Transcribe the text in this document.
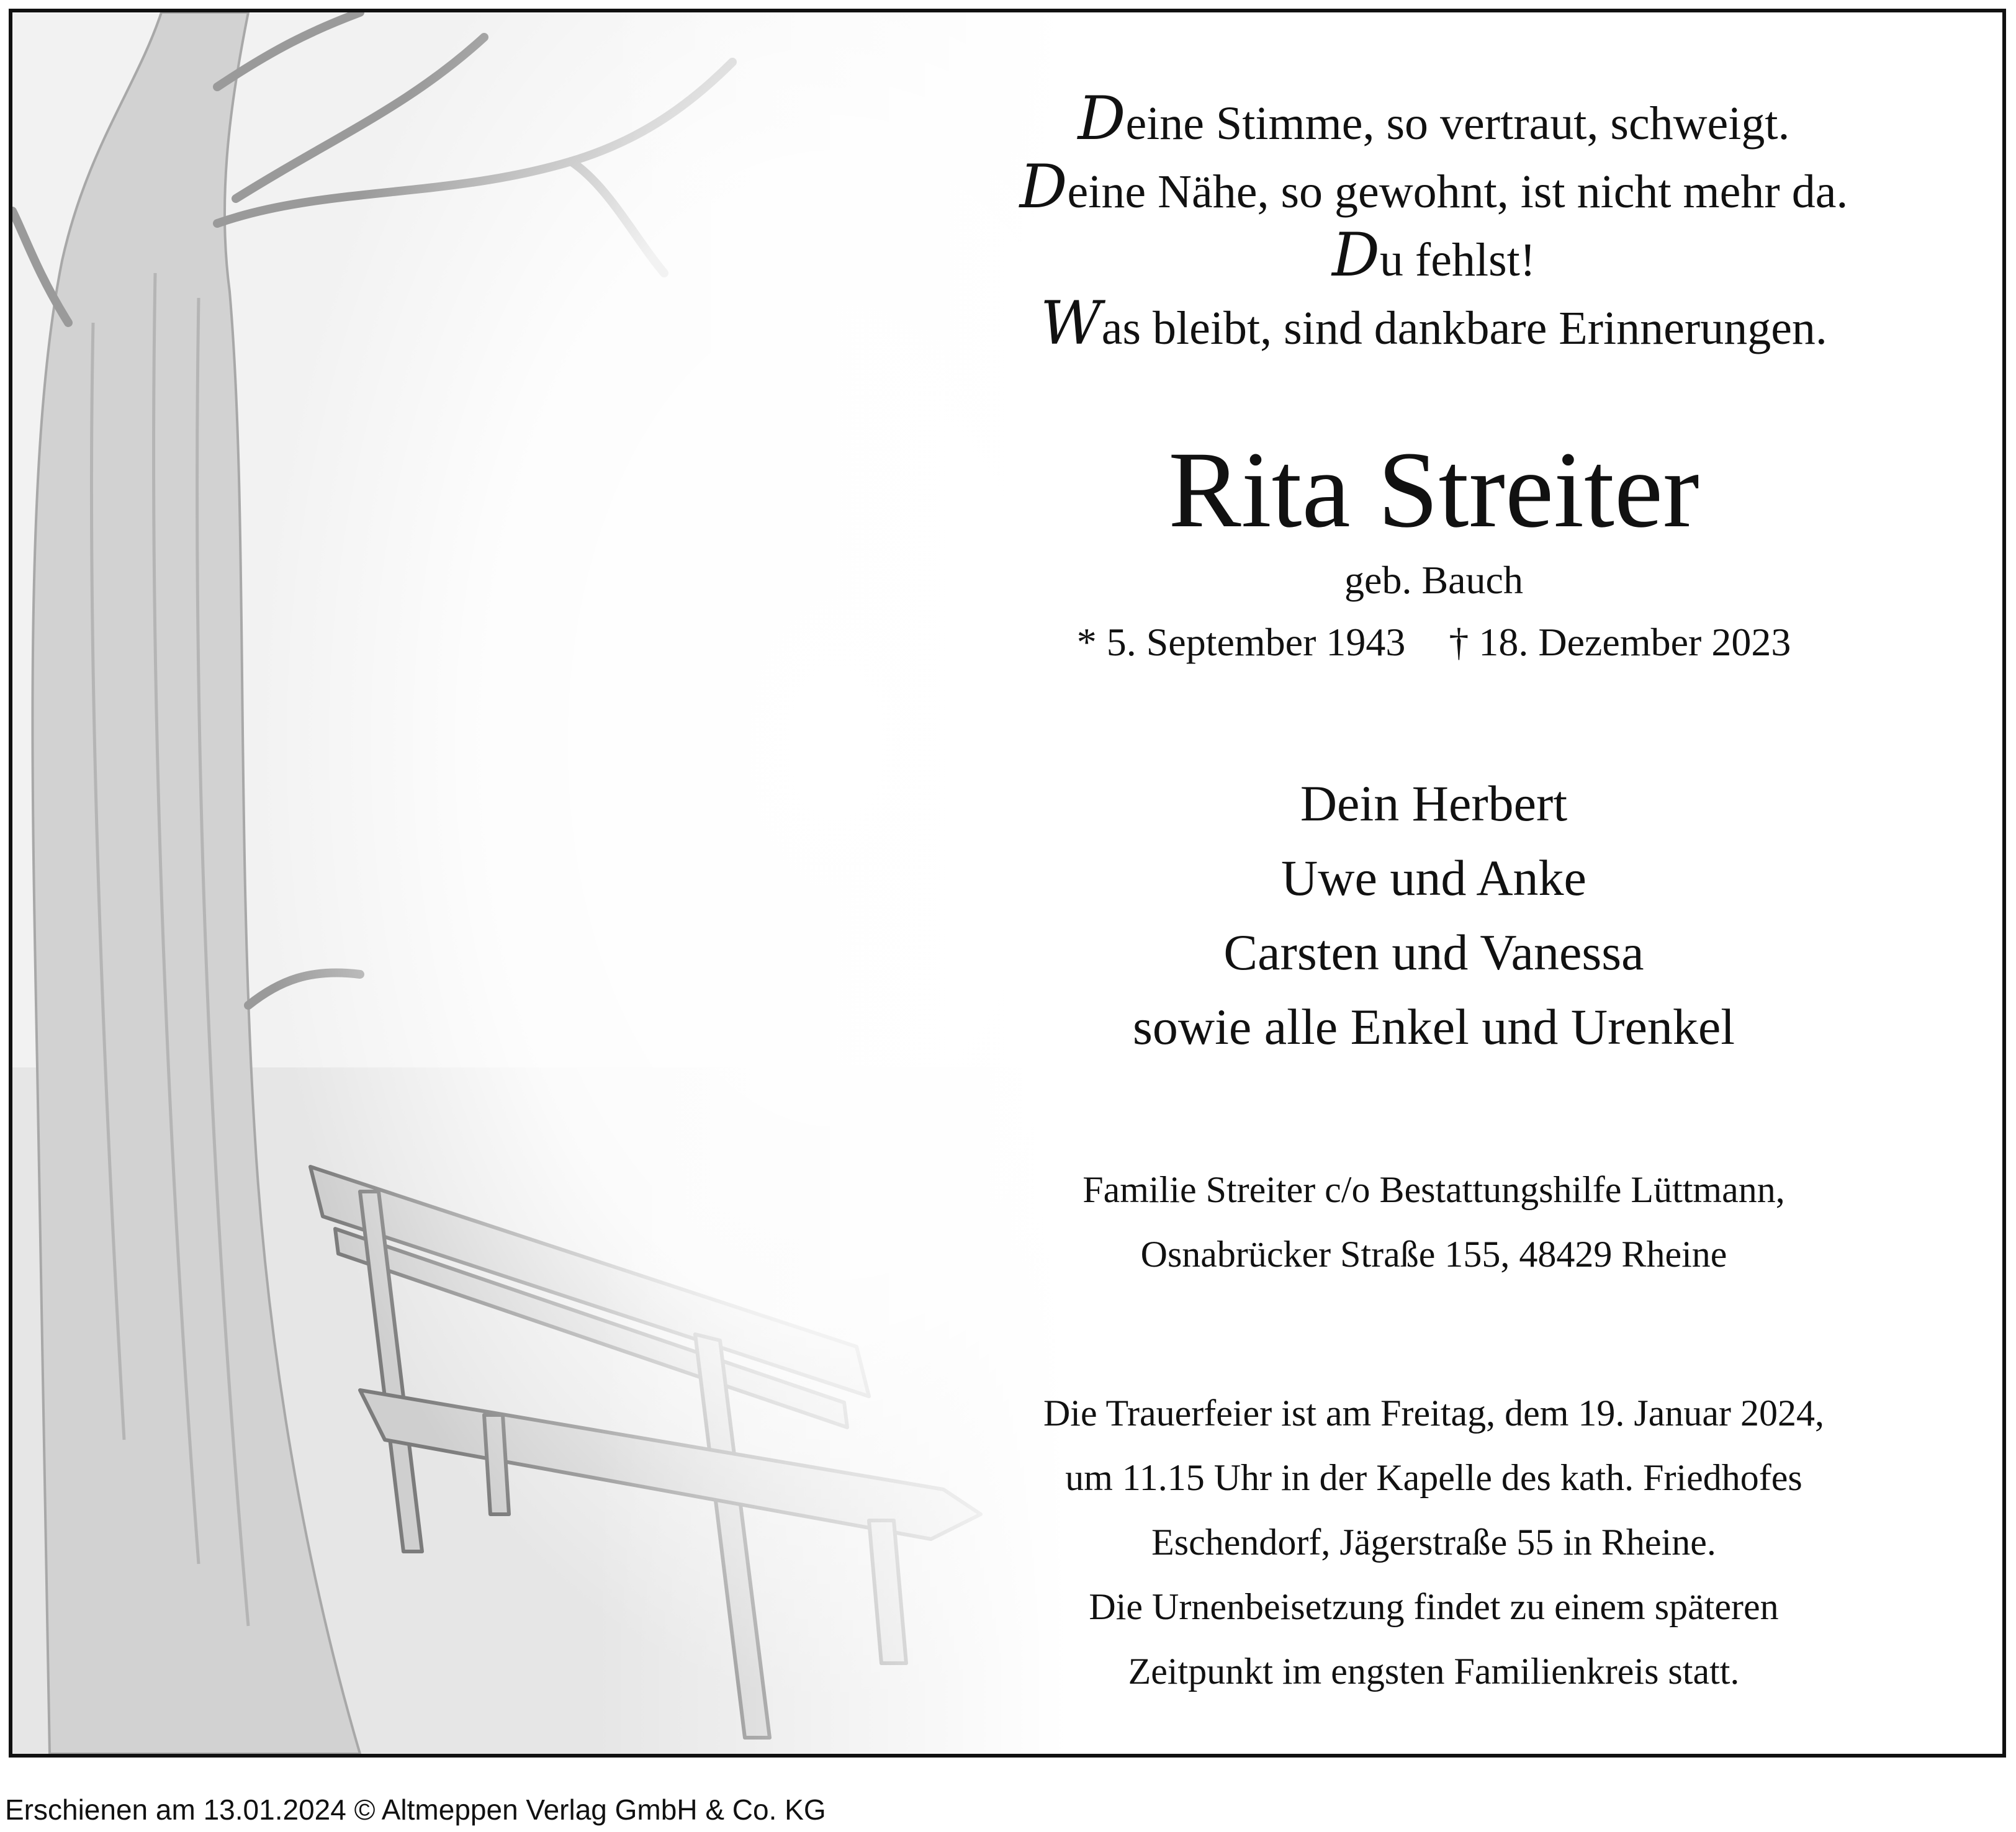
Deine Stimme, so vertraut, schweigt.
Deine Nähe, so gewohnt, ist nicht mehr da.
Du fehlst!
Was bleibt, sind dankbare Erinnerungen.
Rita Streiter
geb. Bauch
* 5. September 1943 † 18. Dezember 2023
Dein Herbert
Uwe und Anke
Carsten und Vanessa
sowie alle Enkel und Urenkel
Familie Streiter c/o Bestattungshilfe Lüttmann,
Osnabrücker Straße 155, 48429 Rheine
Die Trauerfeier ist am Freitag, dem 19. Januar 2024,
um 11.15 Uhr in der Kapelle des kath. Friedhofes
Eschendorf, Jägerstraße 55 in Rheine.
Die Urnenbeisetzung findet zu einem späteren
Zeitpunkt im engsten Familienkreis statt.
Erschienen am 13.01.2024 © Altmeppen Verlag GmbH & Co. KG
